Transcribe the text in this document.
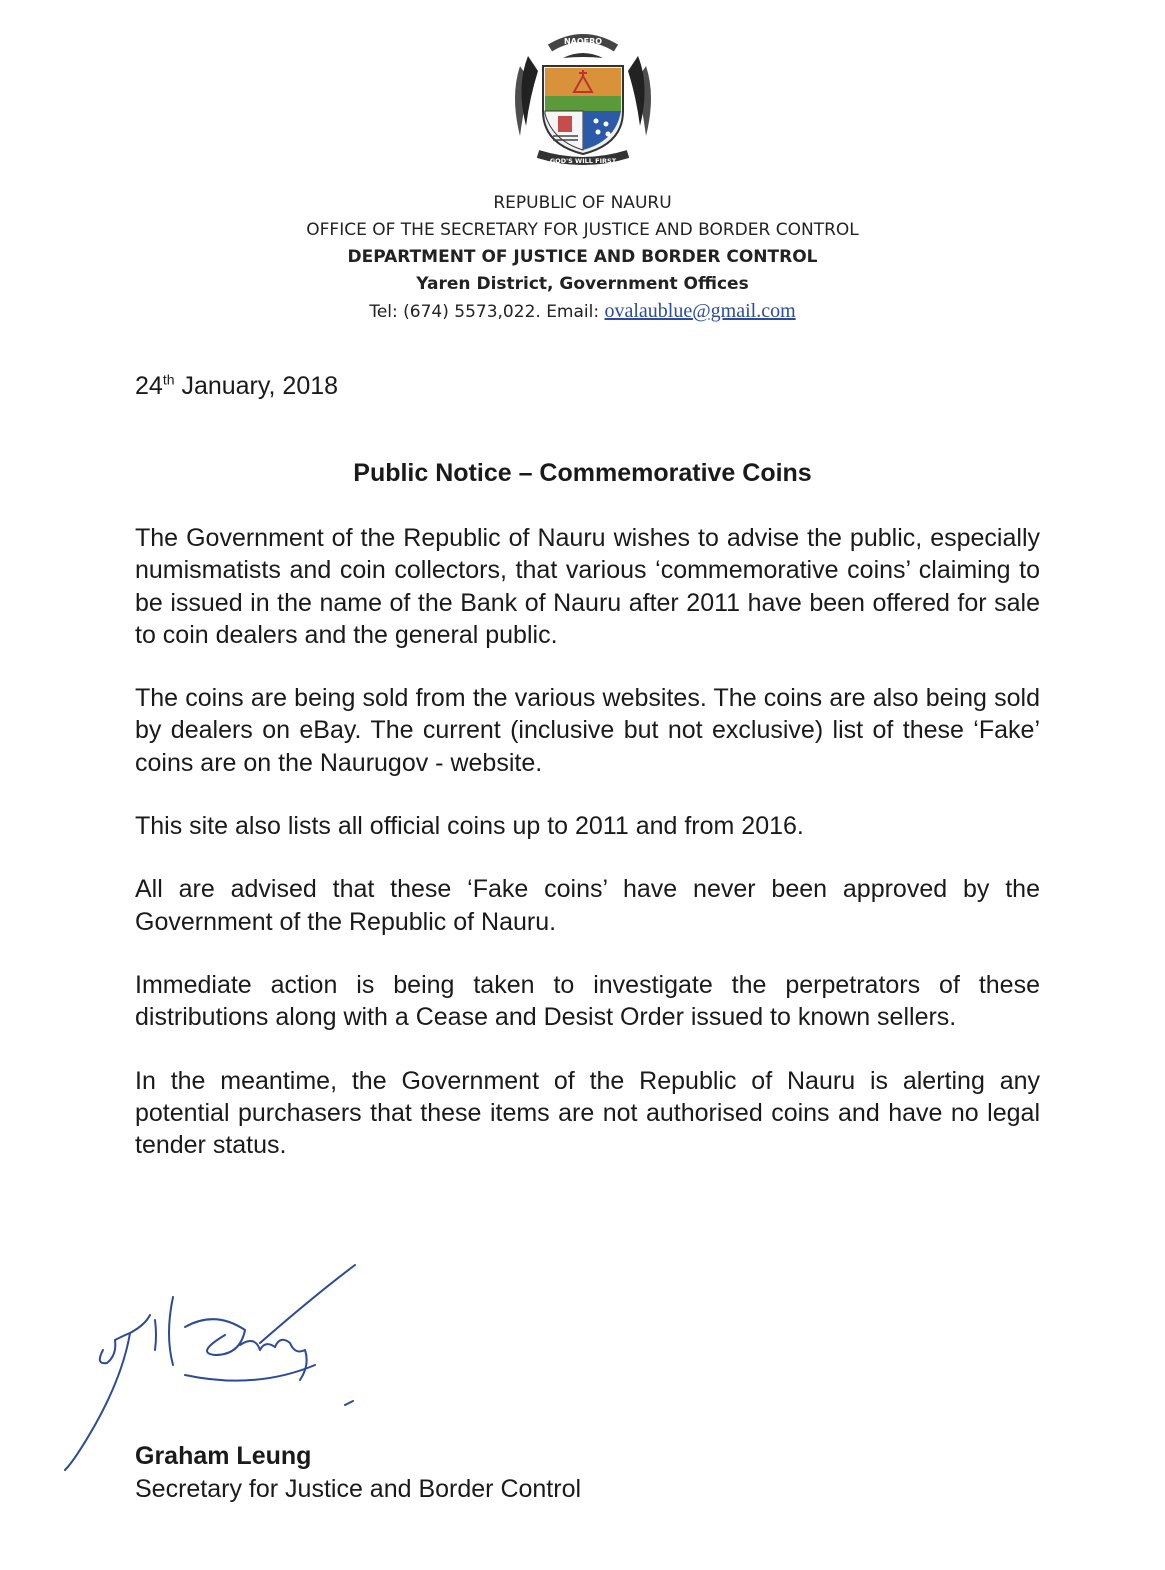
NAOERO
GOD'S WILL FIRST
REPUBLIC OF NAURU
OFFICE OF THE SECRETARY FOR JUSTICE AND BORDER CONTROL
DEPARTMENT OF JUSTICE AND BORDER CONTROL
Yaren District, Government Offices
Tel: (674) 5573,022. Email: ovalaublue@gmail.com
24th January, 2018
Public Notice – Commemorative Coins

The Government of the Republic of Nauru wishes to advise the public, especially numismatists and coin collectors, that various ‘commemorative coins’ claiming to be issued in the name of the Bank of Nauru after 2011 have been offered for sale to coin dealers and the general public.

The coins are being sold from the various websites. The coins are also being sold by dealers on eBay. The current (inclusive but not exclusive) list of these ‘Fake’ coins are on the Naurugov - website.

This site also lists all official coins up to 2011 and from 2016.

All are advised that these ‘Fake coins’ have never been approved by the Government of the Republic of Nauru.

Immediate action is being taken to investigate the perpetrators of these distributions along with a Cease and Desist Order issued to known sellers.

In the meantime, the Government of the Republic of Nauru is alerting any potential purchasers that these items are not authorised coins and have no legal tender status.

Graham Leung
Secretary for Justice and Border Control
